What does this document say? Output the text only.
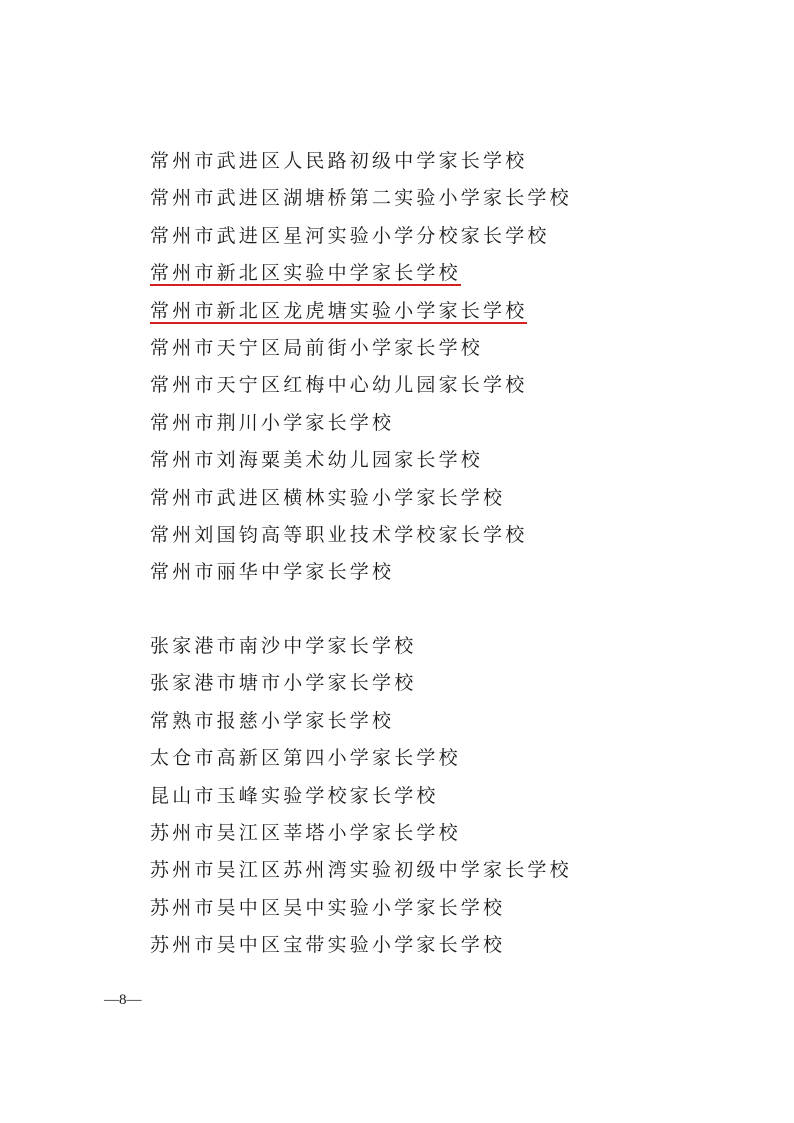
常州市武进区人民路初级中学家长学校
常州市武进区湖塘桥第二实验小学家长学校
常州市武进区星河实验小学分校家长学校
常州市新北区实验中学家长学校
常州市新北区龙虎塘实验小学家长学校
常州市天宁区局前街小学家长学校
常州市天宁区红梅中心幼儿园家长学校
常州市荆川小学家长学校
常州市刘海粟美术幼儿园家长学校
常州市武进区横林实验小学家长学校
常州刘国钧高等职业技术学校家长学校
常州市丽华中学家长学校
张家港市南沙中学家长学校
张家港市塘市小学家长学校
常熟市报慈小学家长学校
太仓市高新区第四小学家长学校
昆山市玉峰实验学校家长学校
苏州市吴江区莘塔小学家长学校
苏州市吴江区苏州湾实验初级中学家长学校
苏州市吴中区吴中实验小学家长学校
苏州市吴中区宝带实验小学家长学校
—8—
